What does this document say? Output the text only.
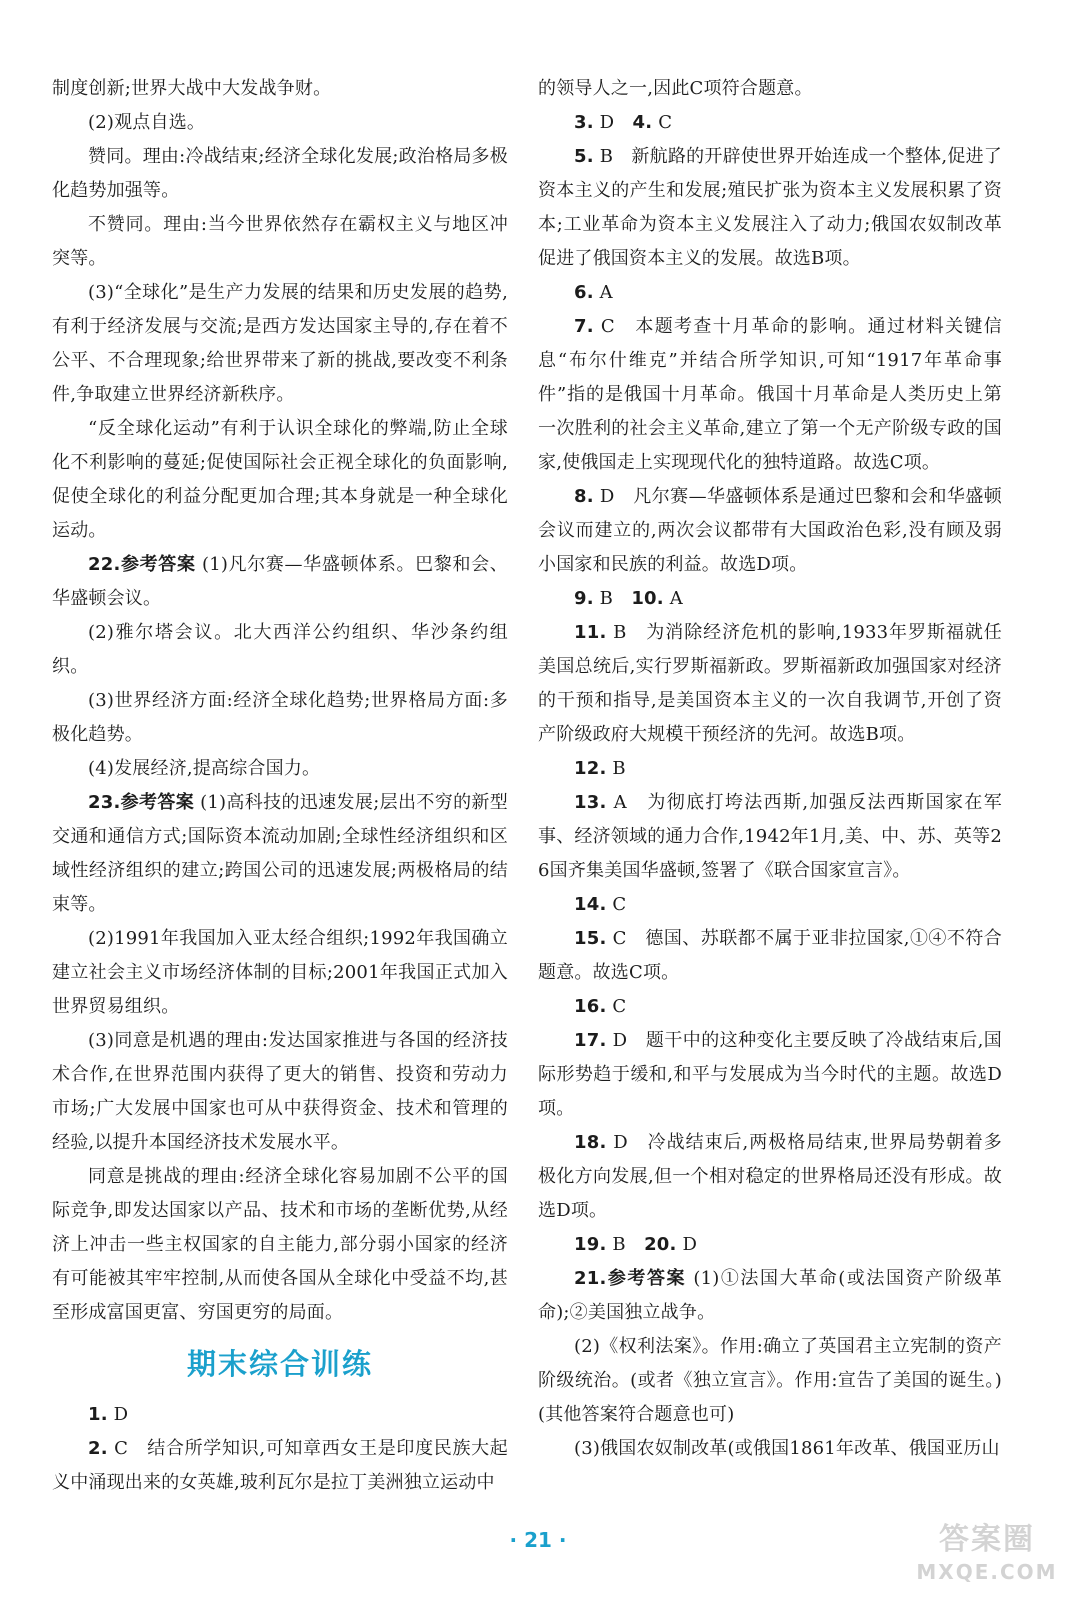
制度创新;世界大战中大发战争财。

(2)观点自选。

赞同。理由:冷战结束;经济全球化发展;政治格局多极化趋势加强等。

不赞同。理由:当今世界依然存在霸权主义与地区冲突等。

(3)“全球化”是生产力发展的结果和历史发展的趋势,有利于经济发展与交流;是西方发达国家主导的,存在着不公平、不合理现象;给世界带来了新的挑战,要改变不利条件,争取建立世界经济新秩序。

“反全球化运动”有利于认识全球化的弊端,防止全球化不利影响的蔓延;促使国际社会正视全球化的负面影响,促使全球化的利益分配更加合理;其本身就是一种全球化运动。

22.参考答案 (1)凡尔赛—华盛顿体系。巴黎和会、华盛顿会议。

(2)雅尔塔会议。北大西洋公约组织、华沙条约组织。

(3)世界经济方面:经济全球化趋势;世界格局方面:多极化趋势。

(4)发展经济,提高综合国力。

23.参考答案 (1)高科技的迅速发展;层出不穷的新型交通和通信方式;国际资本流动加剧;全球性经济组织和区域性经济组织的建立;跨国公司的迅速发展;两极格局的结束等。

(2)1991年我国加入亚太经合组织;1992年我国确立建立社会主义市场经济体制的目标;2001年我国正式加入世界贸易组织。

(3)同意是机遇的理由:发达国家推进与各国的经济技术合作,在世界范围内获得了更大的销售、投资和劳动力市场;广大发展中国家也可从中获得资金、技术和管理的经验,以提升本国经济技术发展水平。

同意是挑战的理由:经济全球化容易加剧不公平的国际竞争,即发达国家以产品、技术和市场的垄断优势,从经济上冲击一些主权国家的自主能力,部分弱小国家的经济有可能被其牢牢控制,从而使各国从全球化中受益不均,甚至形成富国更富、穷国更穷的局面。

期末综合训练

1. D

2. C　结合所学知识,可知章西女王是印度民族大起义中涌现出来的女英雄,玻利瓦尔是拉丁美洲独立运动中

的领导人之一,因此C项符合题意。

3. D　4. C

5. B　新航路的开辟使世界开始连成一个整体,促进了资本主义的产生和发展;殖民扩张为资本主义发展积累了资本;工业革命为资本主义发展注入了动力;俄国农奴制改革促进了俄国资本主义的发展。故选B项。

6. A

7. C　本题考查十月革命的影响。通过材料关键信息“布尔什维克”并结合所学知识,可知“1917年革命事件”指的是俄国十月革命。俄国十月革命是人类历史上第一次胜利的社会主义革命,建立了第一个无产阶级专政的国家,使俄国走上实现现代化的独特道路。故选C项。

8. D　凡尔赛—华盛顿体系是通过巴黎和会和华盛顿会议而建立的,两次会议都带有大国政治色彩,没有顾及弱小国家和民族的利益。故选D项。

9. B　10. A

11. B　为消除经济危机的影响,1933年罗斯福就任美国总统后,实行罗斯福新政。罗斯福新政加强国家对经济的干预和指导,是美国资本主义的一次自我调节,开创了资产阶级政府大规模干预经济的先河。故选B项。

12. B

13. A　为彻底打垮法西斯,加强反法西斯国家在军事、经济领域的通力合作,1942年1月,美、中、苏、英等26国齐集美国华盛顿,签署了《联合国家宣言》。

14. C

15. C　德国、苏联都不属于亚非拉国家,①④不符合题意。故选C项。

16. C

17. D　题干中的这种变化主要反映了冷战结束后,国际形势趋于缓和,和平与发展成为当今时代的主题。故选D项。

18. D　冷战结束后,两极格局结束,世界局势朝着多极化方向发展,但一个相对稳定的世界格局还没有形成。故选D项。

19. B　20. D

21.参考答案 (1)①法国大革命(或法国资产阶级革命);②美国独立战争。

(2)《权利法案》。作用:确立了英国君主立宪制的资产阶级统治。(或者《独立宣言》。作用:宣告了美国的诞生。)(其他答案符合题意也可)

(3)俄国农奴制改革(或俄国1861年改革、俄国亚历山

· 21 ·	答案圈
MXQE.COM
